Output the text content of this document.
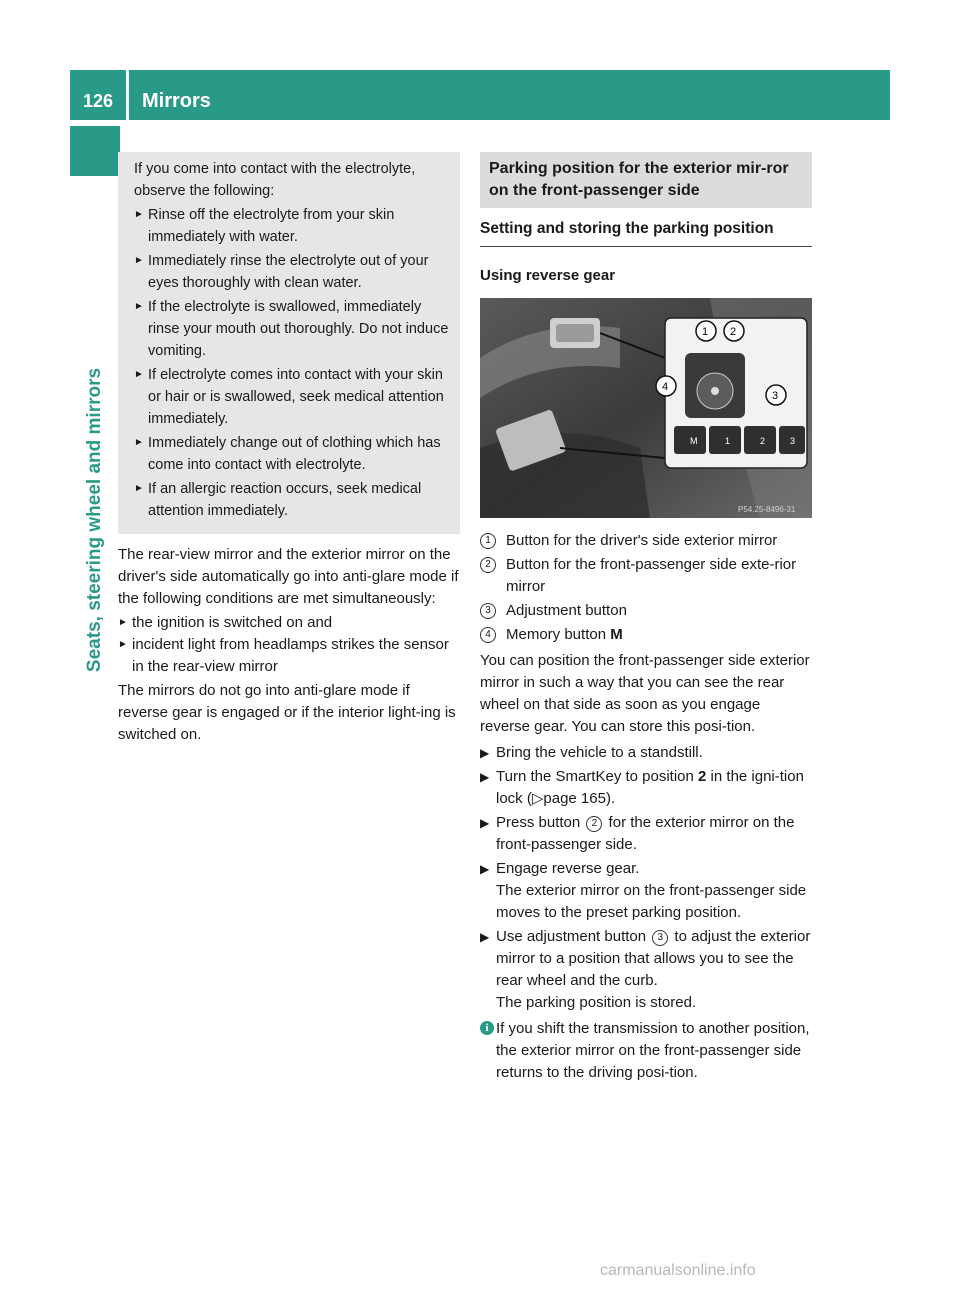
126	Mirrors
Seats, steering wheel and mirrors
If you come into contact with the electrolyte, observe the following:
► Rinse off the electrolyte from your skin immediately with water.
► Immediately rinse the electrolyte out of your eyes thoroughly with clean water.
► If the electrolyte is swallowed, immediately rinse your mouth out thoroughly. Do not induce vomiting.
► If electrolyte comes into contact with your skin or hair or is swallowed, seek medical attention immediately.
► Immediately change out of clothing which has come into contact with electrolyte.
► If an allergic reaction occurs, seek medical attention immediately.

The rear-view mirror and the exterior mirror on the driver's side automatically go into anti-glare mode if the following conditions are met simultaneously:

► the ignition is switched on and
► incident light from headlamps strikes the sensor in the rear-view mirror

The mirrors do not go into anti-glare mode if reverse gear is engaged or if the interior light-ing is switched on.

Parking position for the exterior mir-ror on the front-passenger side
Setting and storing the parking position
Using reverse gear
M	1	2	3
1 2
3
4
P54.25-8496-31
1	Button for the driver's side exterior mirror
2	Button for the front-passenger side exte-rior mirror
3	Adjustment button
4	Memory button M
You can position the front-passenger side exterior mirror in such a way that you can see the rear wheel on that side as soon as you engage reverse gear. You can store this posi-tion.
▶ Bring the vehicle to a standstill.
▶ Turn the SmartKey to position 2 in the igni-tion lock (▷page 165).
▶ Press button 2 for the exterior mirror on the front-passenger side.
▶ Engage reverse gear.
The exterior mirror on the front-passenger side moves to the preset parking position.
▶ Use adjustment button 3 to adjust the exterior mirror to a position that allows you to see the rear wheel and the curb.
The parking position is stored.
i If you shift the transmission to another position, the exterior mirror on the front-passenger side returns to the driving posi-tion.
carmanualsonline.info
